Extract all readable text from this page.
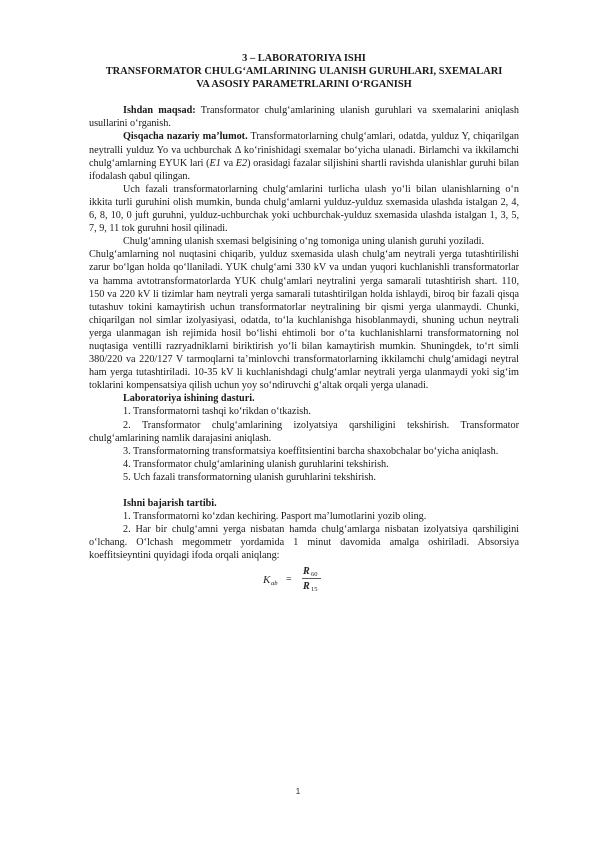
3 – LABORATORIYA ISHI

TRANSFORMATOR CHULG‘AMLARINING ULANISH GURUHLARI, SXEMALARI

VA ASOSIY PARAMETRLARINI O‘RGANISH

Ishdan maqsad: Transformator chulg‘amlarining ulanish guruhlari va sxemalarini aniqlash usullarini o‘rganish.

Qisqacha nazariy ma’lumot. Transformatorlarning chulg‘amlari, odatda, yulduz Y, chiqarilgan neytralli yulduz Yo va uchburchak Δ ko‘rinishidagi sxemalar bo‘yicha ulanadi. Birlamchi va ikkilamchi chulg‘amlarning EYUK lari (E1 va E2) orasidagi fazalar siljishini shartli ravishda ulanishlar guruhi bilan ifodalash qabul qilingan.

Uch fazali transformatorlarning chulg‘amlarini turlicha ulash yo‘li bilan ulanishlarning o‘n ikkita turli guruhini olish mumkin, bunda chulg‘amlarni yulduz-yulduz sxemasida ulashda istalgan 2, 4, 6, 8, 10, 0 juft guruhni, yulduz-uchburchak yoki uchburchak-yulduz sxemasida ulashda istalgan 1, 3, 5, 7, 9, 11 tok guruhni hosil qilinadi.

Chulg‘amning ulanish sxemasi belgisining o‘ng tomoniga uning ulanish guruhi yoziladi.

Chulg‘amlarning nol nuqtasini chiqarib, yulduz sxemasida ulash chulg‘am neytrali yerga tutashtirilishi zarur bo‘lgan holda qo‘llaniladi. YUK chulg‘ami 330 kV va undan yuqori kuchlanishli transformatorlar va hamma avtotransformatorlarda YUK chulg‘amlari neytralini yerga samarali tutashtirish shart. 110, 150 va 220 kV li tizimlar ham neytrali yerga samarali tutashtirilgan holda ishlaydi, biroq bir fazali qisqa tutashuv tokini kamaytirish uchun transformatorlar neytralining bir qismi yerga ulanmaydi. Chunki, chiqarilgan nol simlar izolyasiyasi, odatda, to‘la kuchlanishga hisoblanmaydi, shuning uchun neytrali yerga ulanmagan ish rejimida hosil bo‘lishi ehtimoli bor o‘ta kuchlanishlarni transformatorning nol nuqtasiga ventilli razryadniklarni biriktirish yo‘li bilan kamaytirish mumkin. Shuningdek, to‘rt simli 380/220 va 220/127 V tarmoqlarni ta’minlovchi transformatorlarning ikkilamchi chulg‘amidagi neytral ham yerga tutashtiriladi. 10-35 kV li kuchlanishdagi chulg‘amlar neytrali yerga ulanmaydi yoki sig‘im toklarini kompensatsiya qilish uchun yoy so‘ndiruvchi g‘altak orqali yerga ulanadi.

Laboratoriya ishining dasturi.

1. Transformatorni tashqi ko‘rikdan o‘tkazish.

2. Transformator chulg‘amlarining izolyatsiya qarshiligini tekshirish. Transformator chulg‘amlarining namlik darajasini aniqlash.

3. Transformatorning transformatsiya koeffitsientini barcha shaxobchalar bo‘yicha aniqlash.

4. Transformator chulg‘amlarining ulanish guruhlarini tekshirish.

5. Uch fazali transformatorning ulanish guruhlarini tekshirish.

Ishni bajarish tartibi.

1. Transformatorni ko‘zdan kechiring. Pasport ma’lumotlarini yozib oling.

2. Har bir chulg‘amni yerga nisbatan hamda chulg‘amlarga nisbatan izolyatsiya qarshiligini o‘lchang. O‘lchash megommetr yordamida 1 minut davomida amalga oshiriladi. Absorsiya koeffitsieyntini quyidagi ifoda orqali aniqlang:

K ab =
R 60
R 15
1
